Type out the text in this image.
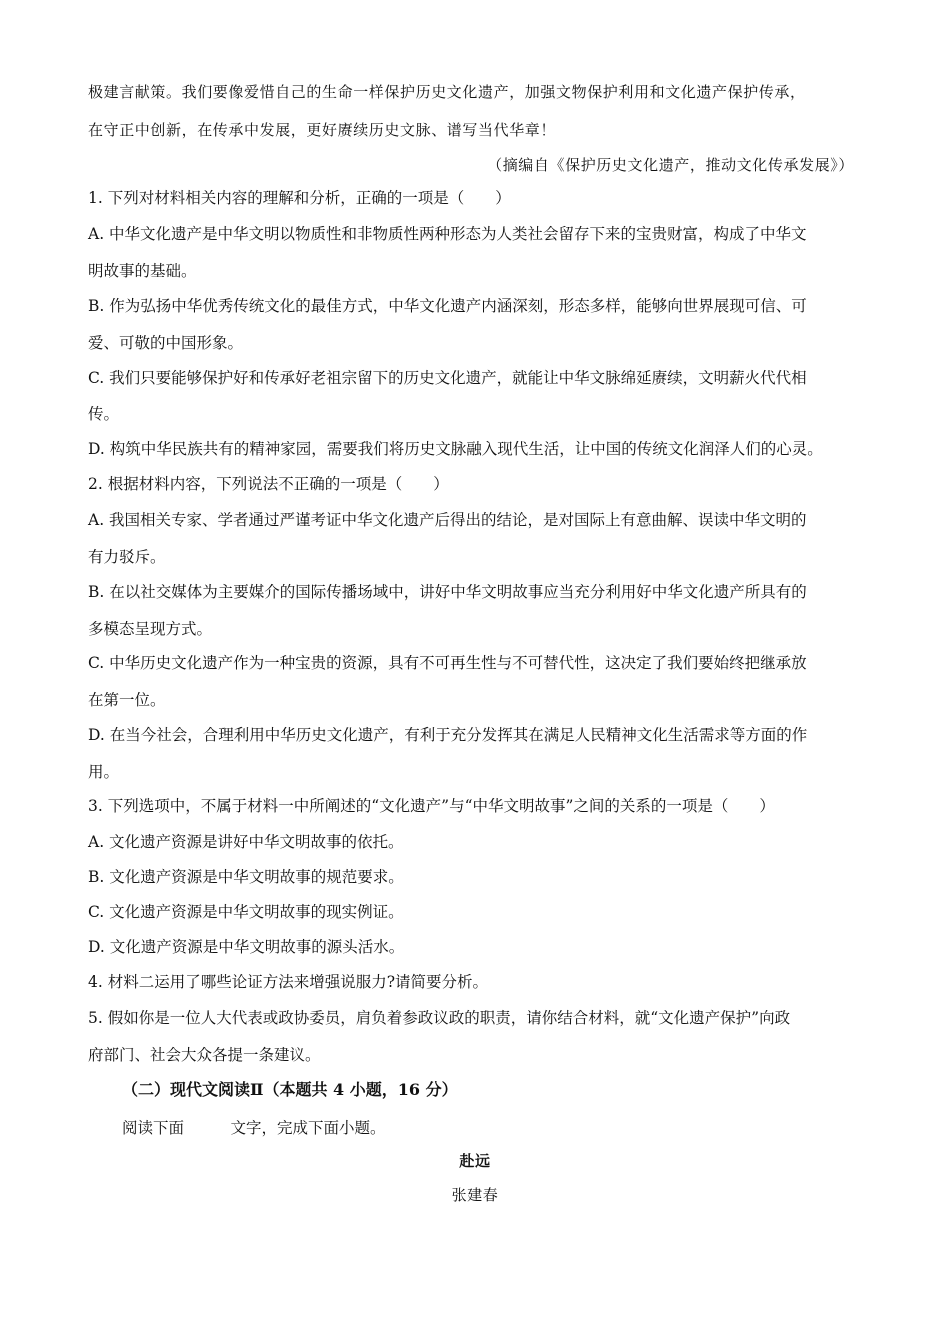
极建言献策。我们要像爱惜自己的生命一样保护历史文化遗产，加强文物保护利用和文化遗产保护传承，
在守正中创新，在传承中发展，更好赓续历史文脉、谱写当代华章！
（摘编自《保护历史文化遗产，推动文化传承发展》）
1. 下列对材料相关内容的理解和分析，正确的一项是（　　）
A. 中华文化遗产是中华文明以物质性和非物质性两种形态为人类社会留存下来的宝贵财富，构成了中华文
明故事的基础。
B. 作为弘扬中华优秀传统文化的最佳方式，中华文化遗产内涵深刻，形态多样，能够向世界展现可信、可
爱、可敬的中国形象。
C. 我们只要能够保护好和传承好老祖宗留下的历史文化遗产，就能让中华文脉绵延赓续，文明薪火代代相
传。
D. 构筑中华民族共有的精神家园，需要我们将历史文脉融入现代生活，让中国的传统文化润泽人们的心灵。
2. 根据材料内容，下列说法不正确的一项是（　　）
A. 我国相关专家、学者通过严谨考证中华文化遗产后得出的结论，是对国际上有意曲解、误读中华文明的
有力驳斥。
B. 在以社交媒体为主要媒介的国际传播场域中，讲好中华文明故事应当充分利用好中华文化遗产所具有的
多模态呈现方式。
C. 中华历史文化遗产作为一种宝贵的资源，具有不可再生性与不可替代性，这决定了我们要始终把继承放
在第一位。
D. 在当今社会，合理利用中华历史文化遗产，有利于充分发挥其在满足人民精神文化生活需求等方面的作
用。
3. 下列选项中，不属于材料一中所阐述的“文化遗产”与“中华文明故事”之间的关系的一项是（　　）
A. 文化遗产资源是讲好中华文明故事的依托。
B. 文化遗产资源是中华文明故事的规范要求。
C. 文化遗产资源是中华文明故事的现实例证。
D. 文化遗产资源是中华文明故事的源头活水。
4. 材料二运用了哪些论证方法来增强说服力?请简要分析。
5. 假如你是一位人大代表或政协委员，肩负着参政议政的职责，请你结合材料，就“文化遗产保护”向政
府部门、社会大众各提一条建议。
（二）现代文阅读Ⅱ（本题共 4 小题，16 分）
阅读下面　　　文字，完成下面小题。
赴远
张建春
